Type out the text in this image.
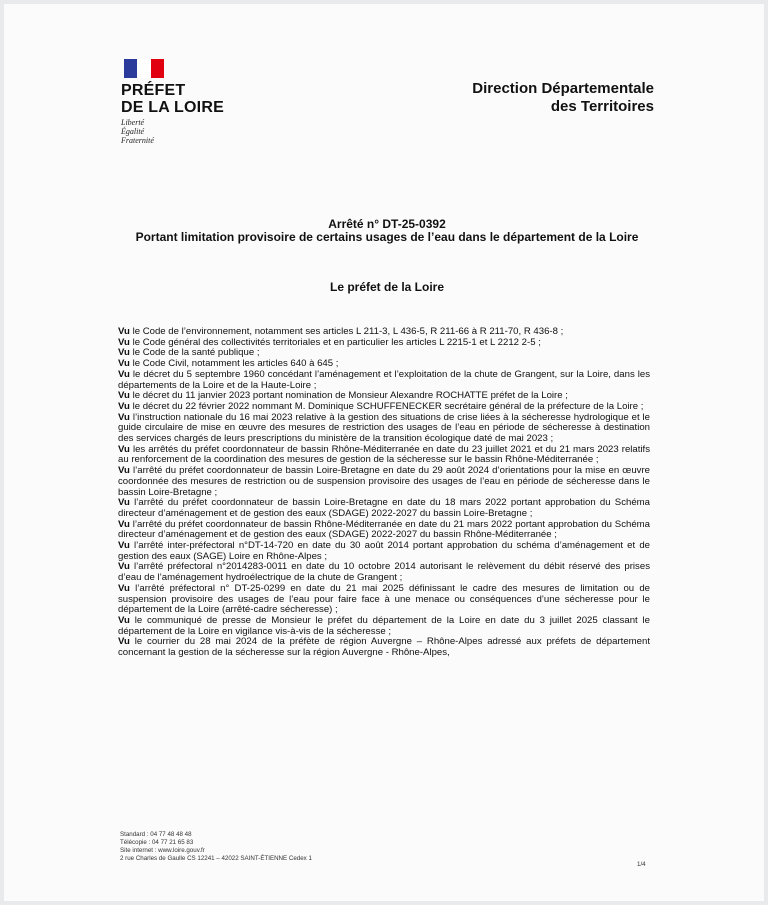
PRÉFET
DE LA LOIRE
Liberté
Égalité
Fraternité
Direction Départementale
des Territoires
Arrêté n° DT-25-0392
Portant limitation provisoire de certains usages de l’eau dans le département de la Loire
Le préfet de la Loire

Vu le Code de l’environnement, notamment ses articles L 211-3, L 436-5, R 211-66 à R 211-70, R 436-8 ;

Vu le Code général des collectivités territoriales et en particulier les articles L 2215-1 et L 2212 2-5 ;

Vu le Code de la santé publique ;

Vu le Code Civil, notamment les articles 640 à 645 ;

Vu le décret du 5 septembre 1960 concédant l’aménagement et l’exploitation de la chute de Grangent, sur la Loire, dans les départements de la Loire et de la Haute-Loire ;

Vu le décret du 11 janvier 2023 portant nomination de Monsieur Alexandre ROCHATTE préfet de la Loire ;

Vu le décret du 22 février 2022 nommant M. Dominique SCHUFFENECKER secrétaire général de la préfecture de la Loire ;

Vu l’instruction nationale du 16 mai 2023 relative à la gestion des situations de crise liées à la sécheresse hydrologique et le guide circulaire de mise en œuvre des mesures de restriction des usages de l’eau en période de sécheresse à destination des services chargés de leurs prescriptions du ministère de la transition écologique daté de mai 2023 ;

Vu les arrêtés du préfet coordonnateur de bassin Rhône-Méditerranée en date du 23 juillet 2021 et du 21 mars 2023 relatifs au renforcement de la coordination des mesures de gestion de la sécheresse sur le bassin Rhône-Méditerranée ;

Vu l’arrêté du préfet coordonnateur de bassin Loire-Bretagne en date du 29 août 2024 d’orientations pour la mise en œuvre coordonnée des mesures de restriction ou de suspension provisoire des usages de l’eau en période de sécheresse dans le bassin Loire-Bretagne ;

Vu l’arrêté du préfet coordonnateur de bassin Loire-Bretagne en date du 18 mars 2022 portant approbation du Schéma directeur d’aménagement et de gestion des eaux (SDAGE) 2022-2027 du bassin Loire-Bretagne ;

Vu l’arrêté du préfet coordonnateur de bassin Rhône-Méditerranée en date du 21 mars 2022 portant approbation du Schéma directeur d’aménagement et de gestion des eaux (SDAGE) 2022-2027 du bassin Rhône-Méditerranée ;

Vu l’arrêté inter-préfectoral n°DT-14-720 en date du 30 août 2014 portant approbation du schéma d’aménagement et de gestion des eaux (SAGE) Loire en Rhône-Alpes ;

Vu l’arrêté préfectoral n°2014283-0011 en date du 10 octobre 2014 autorisant le relèvement du débit réservé des prises d’eau de l’aménagement hydroélectrique de la chute de Grangent ;

Vu l’arrêté préfectoral n° DT-25-0299 en date du 21 mai 2025 définissant le cadre des mesures de limitation ou de suspension provisoire des usages de l’eau pour faire face à une menace ou conséquences d’une sécheresse pour le département de la Loire (arrêté-cadre sécheresse) ;

Vu le communiqué de presse de Monsieur le préfet du département de la Loire en date du 3 juillet 2025 classant le département de la Loire en vigilance vis-à-vis de la sécheresse ;

Vu le courrier du 28 mai 2024 de la préfète de région Auvergne – Rhône-Alpes adressé aux préfets de département concernant la gestion de la sécheresse sur la région Auvergne - Rhône-Alpes,

Standard : 04 77 48 48 48
Télécopie : 04 77 21 65 83
Site internet : www.loire.gouv.fr
2 rue Charles de Gaulle CS 12241 – 42022 SAINT-ÉTIENNE Cedex 1
1/4
